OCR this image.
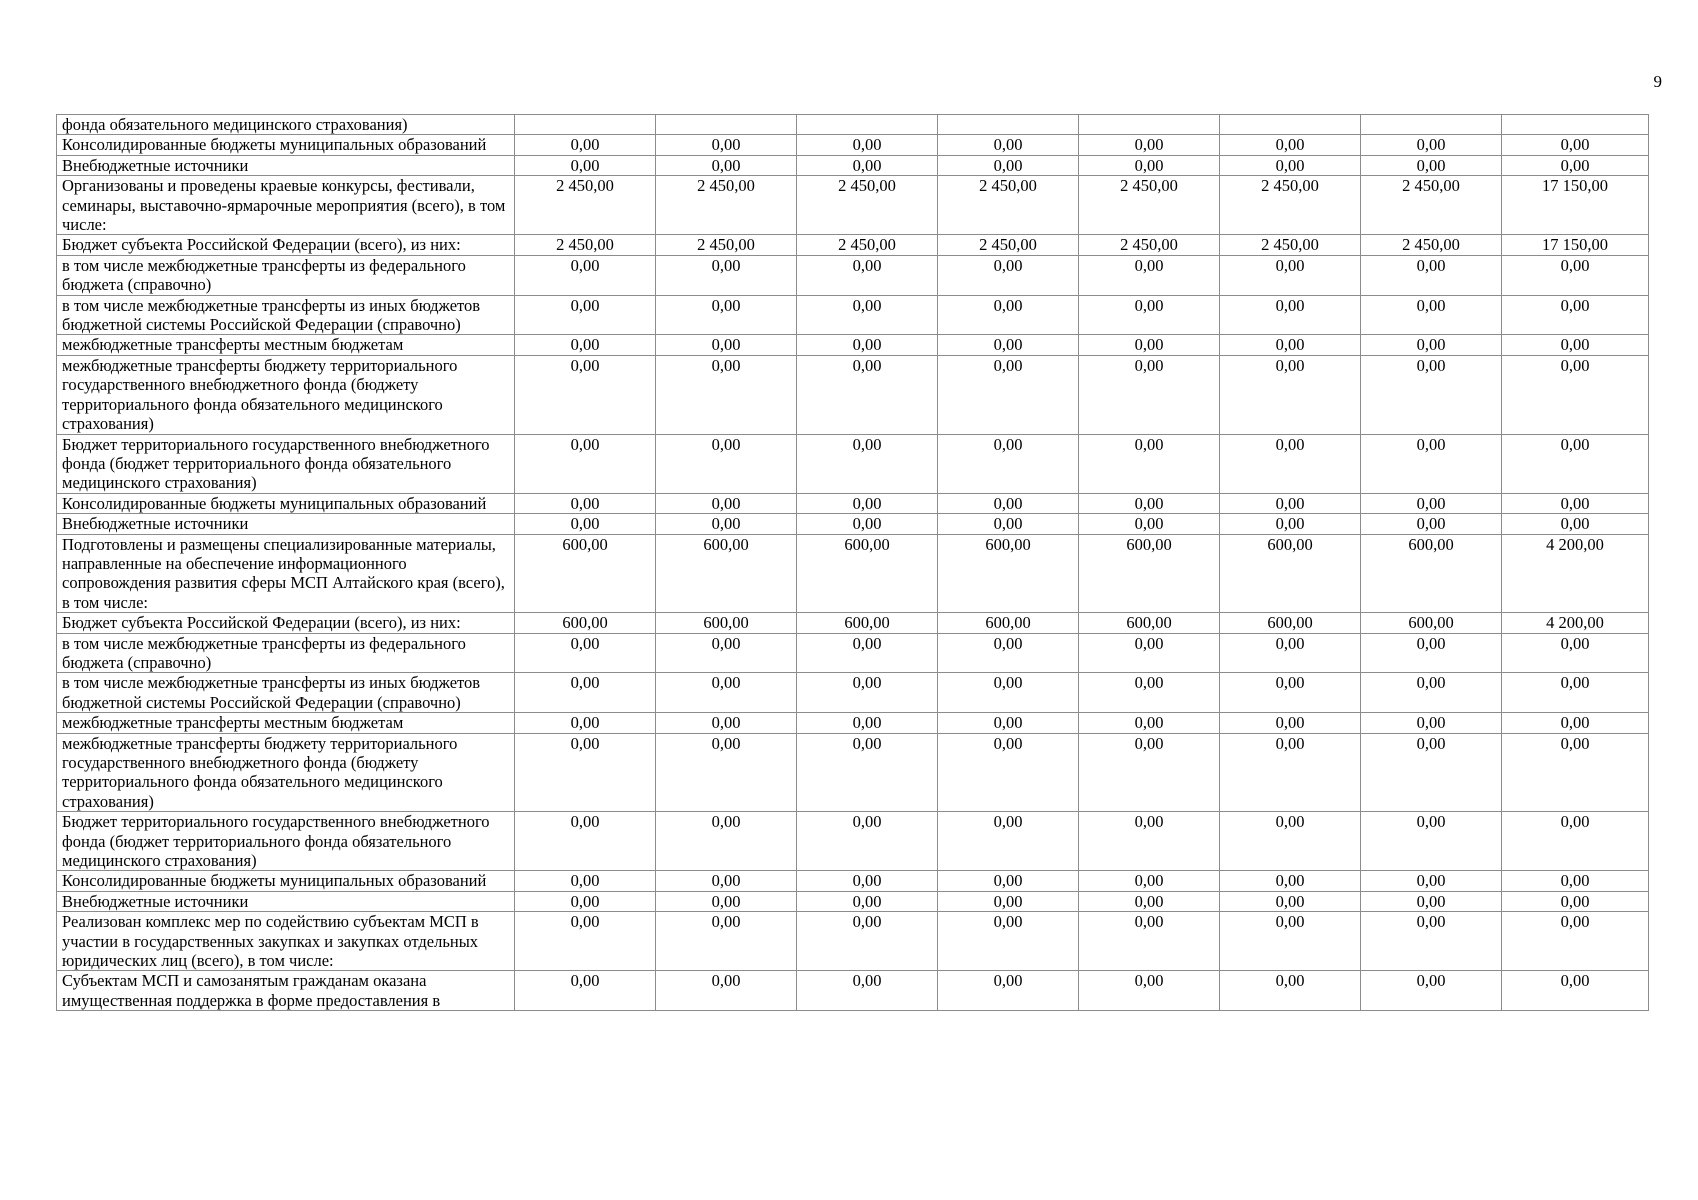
9
фонда обязательного медицинского страхования)								
Консолидированные бюджеты муниципальных образований	0,00	0,00	0,00	0,00	0,00	0,00	0,00	0,00
Внебюджетные источники	0,00	0,00	0,00	0,00	0,00	0,00	0,00	0,00
Организованы и проведены краевые конкурсы, фестивали, семинары, выставочно-ярмарочные мероприятия (всего), в том числе:	2 450,00	2 450,00	2 450,00	2 450,00	2 450,00	2 450,00	2 450,00	17 150,00
Бюджет субъекта Российской Федерации (всего), из них:	2 450,00	2 450,00	2 450,00	2 450,00	2 450,00	2 450,00	2 450,00	17 150,00
в том числе межбюджетные трансферты из федерального бюджета (справочно)	0,00	0,00	0,00	0,00	0,00	0,00	0,00	0,00
в том числе межбюджетные трансферты из иных бюджетов бюджетной системы Российской Федерации (справочно)	0,00	0,00	0,00	0,00	0,00	0,00	0,00	0,00
межбюджетные трансферты местным бюджетам	0,00	0,00	0,00	0,00	0,00	0,00	0,00	0,00
межбюджетные трансферты бюджету территориального государственного внебюджетного фонда (бюджету территориального фонда обязательного медицинского страхования)	0,00	0,00	0,00	0,00	0,00	0,00	0,00	0,00
Бюджет территориального государственного внебюджетного фонда (бюджет территориального фонда обязательного медицинского страхования)	0,00	0,00	0,00	0,00	0,00	0,00	0,00	0,00
Консолидированные бюджеты муниципальных образований	0,00	0,00	0,00	0,00	0,00	0,00	0,00	0,00
Внебюджетные источники	0,00	0,00	0,00	0,00	0,00	0,00	0,00	0,00
Подготовлены и размещены специализированные материалы, направленные на обеспечение информационного сопровождения развития сферы МСП Алтайского края (всего), в том числе:	600,00	600,00	600,00	600,00	600,00	600,00	600,00	4 200,00
Бюджет субъекта Российской Федерации (всего), из них:	600,00	600,00	600,00	600,00	600,00	600,00	600,00	4 200,00
в том числе межбюджетные трансферты из федерального бюджета (справочно)	0,00	0,00	0,00	0,00	0,00	0,00	0,00	0,00
в том числе межбюджетные трансферты из иных бюджетов бюджетной системы Российской Федерации (справочно)	0,00	0,00	0,00	0,00	0,00	0,00	0,00	0,00
межбюджетные трансферты местным бюджетам	0,00	0,00	0,00	0,00	0,00	0,00	0,00	0,00
межбюджетные трансферты бюджету территориального государственного внебюджетного фонда (бюджету территориального фонда обязательного медицинского страхования)	0,00	0,00	0,00	0,00	0,00	0,00	0,00	0,00
Бюджет территориального государственного внебюджетного фонда (бюджет территориального фонда обязательного медицинского страхования)	0,00	0,00	0,00	0,00	0,00	0,00	0,00	0,00
Консолидированные бюджеты муниципальных образований	0,00	0,00	0,00	0,00	0,00	0,00	0,00	0,00
Внебюджетные источники	0,00	0,00	0,00	0,00	0,00	0,00	0,00	0,00
Реализован комплекс мер по содействию субъектам МСП в участии в государственных закупках и закупках отдельных юридических лиц (всего), в том числе:	0,00	0,00	0,00	0,00	0,00	0,00	0,00	0,00
Субъектам МСП и самозанятым гражданам оказана имущественная поддержка в форме предоставления в	0,00	0,00	0,00	0,00	0,00	0,00	0,00	0,00
